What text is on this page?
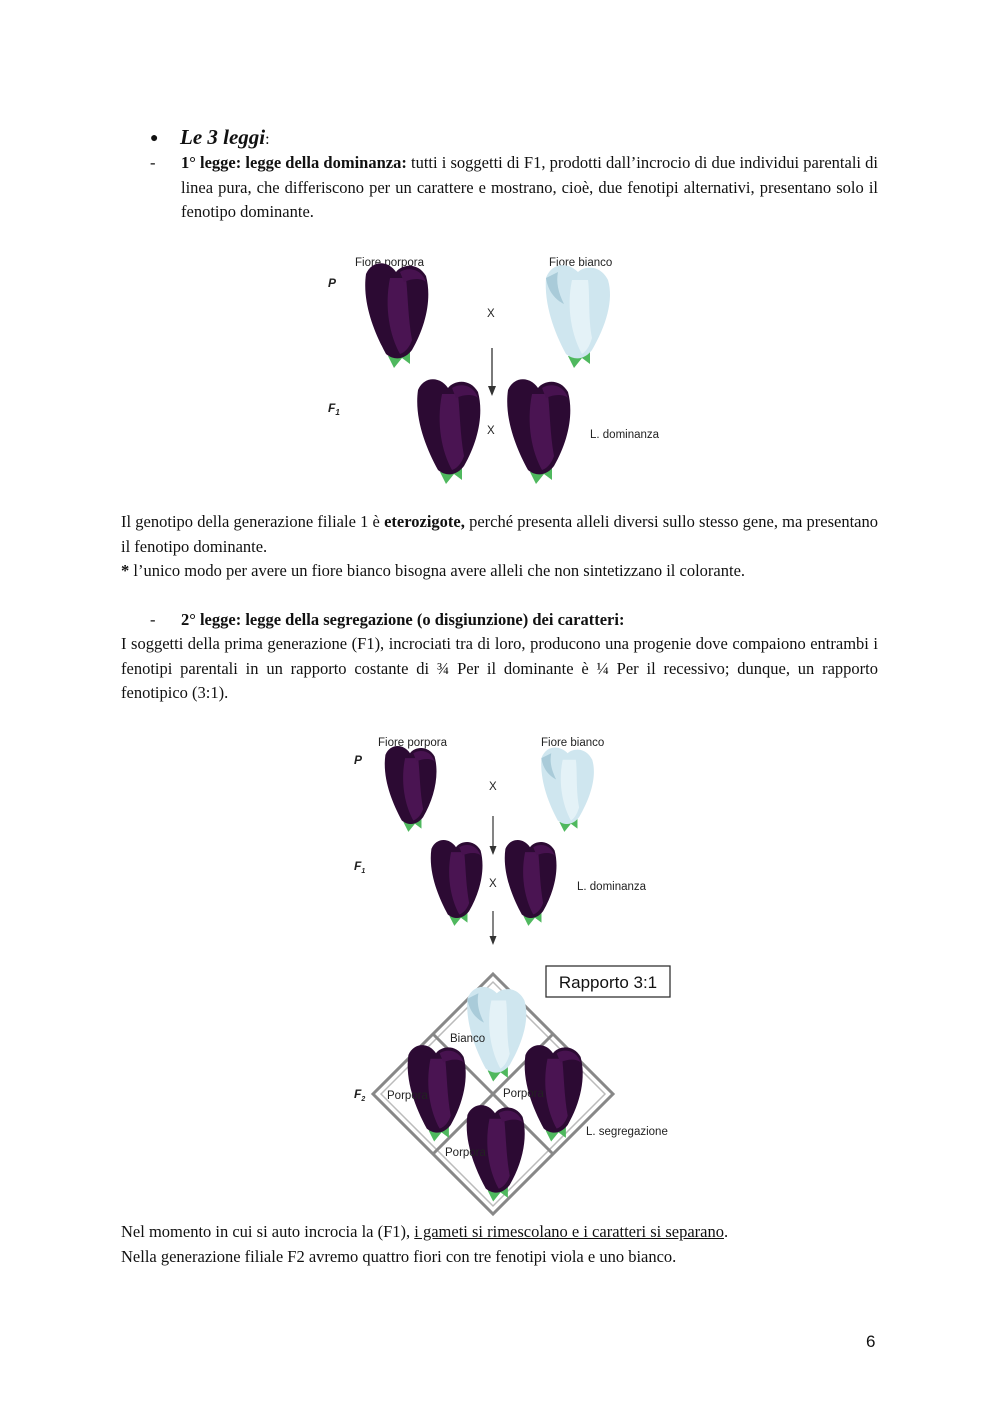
● Le 3 leggi:
-	1° legge: legge della dominanza: tutti i soggetti di F1, prodotti dall’incrocio di due individui parentali di linea pura, che differiscono per un carattere e mostrano, cioè, due fenotipi alternativi, presentano solo il fenotipo dominante.
Fiore porpora	Fiore bianco
P
$F_1$
X
X	L. dominanza
Il genotipo della generazione filiale 1 è eterozigote, perché presenta alleli diversi sullo stesso gene, ma presentano il fenotipo dominante.
* l’unico modo per avere un fiore bianco bisogna avere alleli che non sintetizzano il colorante.
-	2° legge: legge della segregazione (o disgiunzione) dei caratteri:
I soggetti della prima generazione (F1), incrociati tra di loro, producono una progenie dove compaiono entrambi i fenotipi parentali in un rapporto costante di ¾ Per il dominante è ¼ Per il recessivo; dunque, un rapporto fenotipico (3:1).
Fiore porpora	Fiore bianco
P
X
$F_1$
X	L. dominanza
Rapporto 3:1
Bianco
Porpora	Porpora
Porpora
$F_2$
L. segregazione
Nel momento in cui si auto incrocia la (F1), i gameti si rimescolano e i caratteri si separano.
Nella generazione filiale F2 avremo quattro fiori con tre fenotipi viola e uno bianco.
6
